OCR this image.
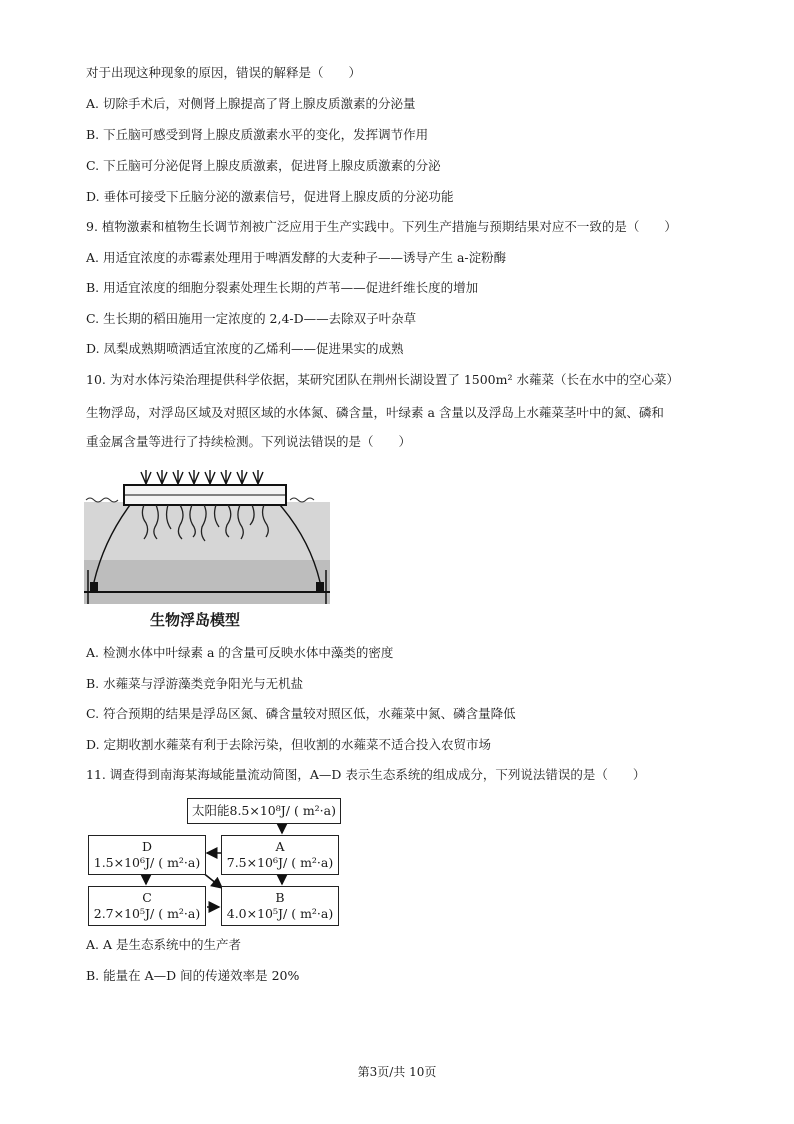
对于出现这种现象的原因，错误的解释是（　　）
A. 切除手术后，对侧肾上腺提高了肾上腺皮质激素的分泌量
B. 下丘脑可感受到肾上腺皮质激素水平的变化，发挥调节作用
C. 下丘脑可分泌促肾上腺皮质激素，促进肾上腺皮质激素的分泌
D. 垂体可接受下丘脑分泌的激素信号，促进肾上腺皮质的分泌功能
9. 植物激素和植物生长调节剂被广泛应用于生产实践中。下列生产措施与预期结果对应不一致的是（　　）
A. 用适宜浓度的赤霉素处理用于啤酒发酵的大麦种子——诱导产生 a-淀粉酶
B. 用适宜浓度的细胞分裂素处理生长期的芦苇——促进纤维长度的增加
C. 生长期的稻田施用一定浓度的 2,4-D——去除双子叶杂草
D. 凤梨成熟期喷洒适宜浓度的乙烯利——促进果实的成熟
10. 为对水体污染治理提供科学依据，某研究团队在荆州长湖设置了 1500m² 水蕹菜（长在水中的空心菜）
生物浮岛，对浮岛区域及对照区域的水体氮、磷含量，叶绿素 a 含量以及浮岛上水蕹菜茎叶中的氮、磷和
重金属含量等进行了持续检测。下列说法错误的是（　　）
生物浮岛模型
A. 检测水体中叶绿素 a 的含量可反映水体中藻类的密度
B. 水蕹菜与浮游藻类竞争阳光与无机盐
C. 符合预期的结果是浮岛区氮、磷含量较对照区低，水蕹菜中氮、磷含量降低
D. 定期收割水蕹菜有利于去除污染，但收割的水蕹菜不适合投入农贸市场
11. 调查得到南海某海域能量流动简图，A—D 表示生态系统的组成成分，下列说法错误的是（　　）
太阳能8.5×10⁸J/ ( m²·a)
D
1.5×10⁶J/ ( m²·a)
A
7.5×10⁶J/ ( m²·a)
C
2.7×10⁵J/ ( m²·a)
B
4.0×10⁵J/ ( m²·a)
A. A 是生态系统中的生产者
B. 能量在 A—D 间的传递效率是 20%
第3页/共 10页
